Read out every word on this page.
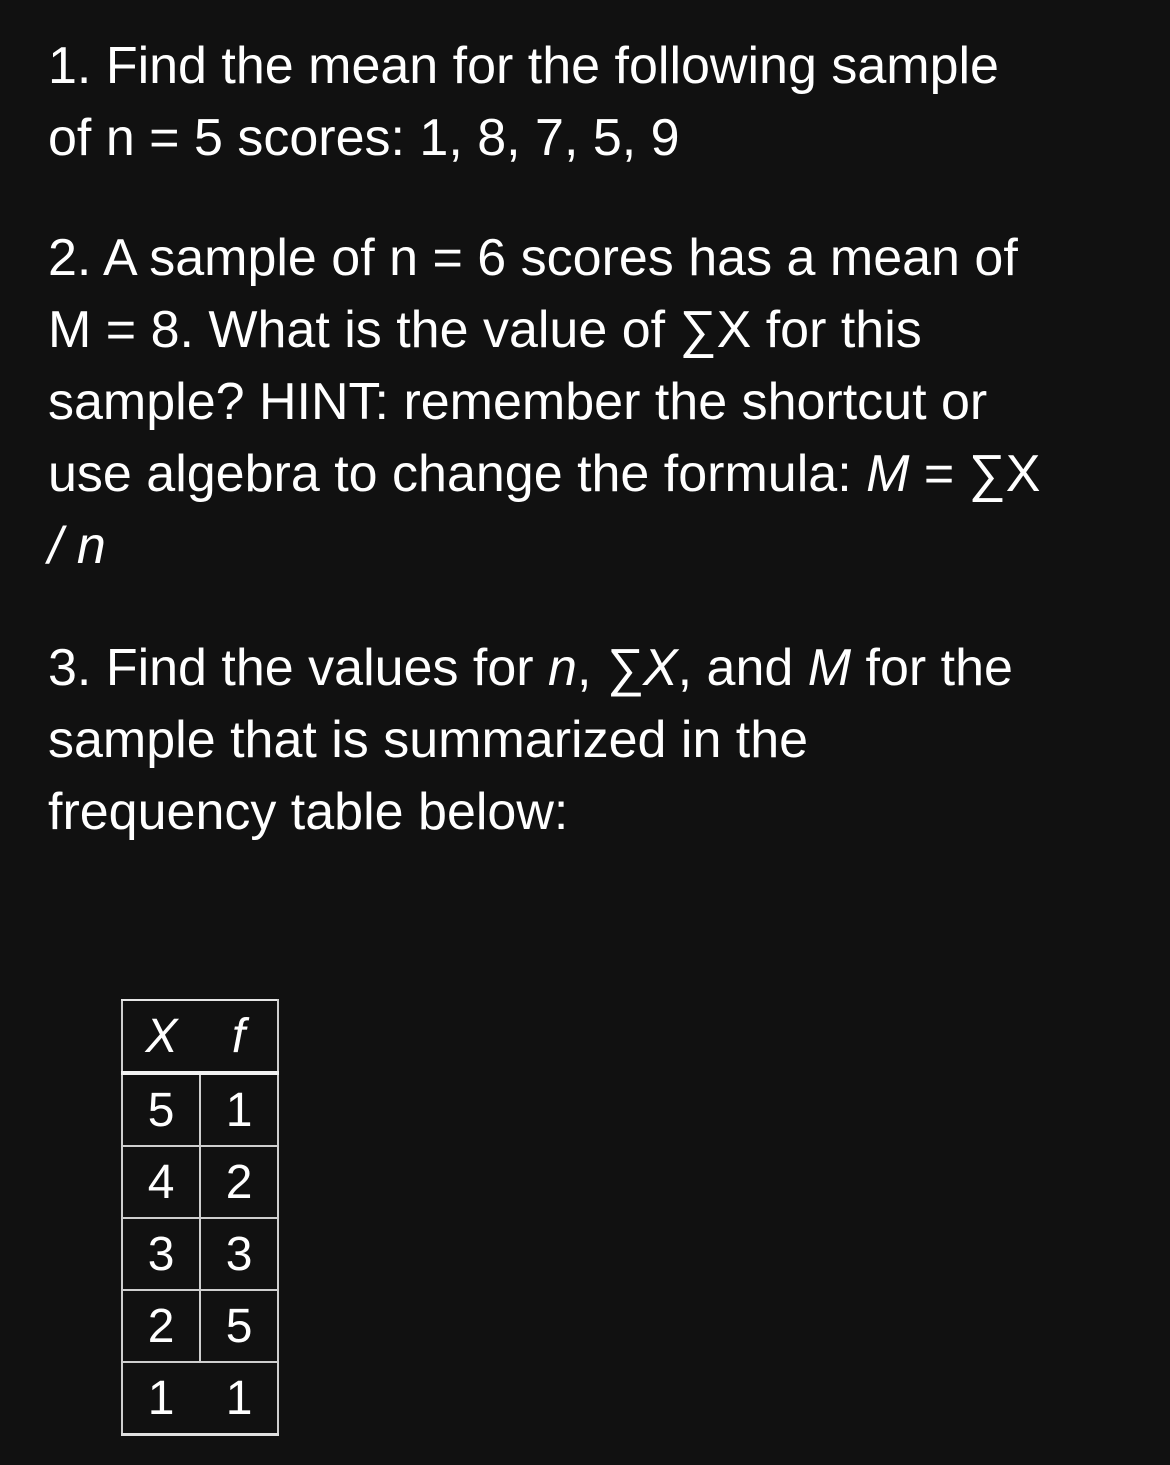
1. Find the mean for the following sample
of n = 5 scores: 1, 8, 7, 5, 9
2. A sample of n = 6 scores has a mean of
M = 8. What is the value of ∑X for this
sample? HINT: remember the shortcut or
use algebra to change the formula: M = ∑X
/ n
3. Find the values for n, ∑X, and M for the
sample that is summarized in the
frequency table below:
X	f
5	1
4	2
3	3
2	5
1	1
